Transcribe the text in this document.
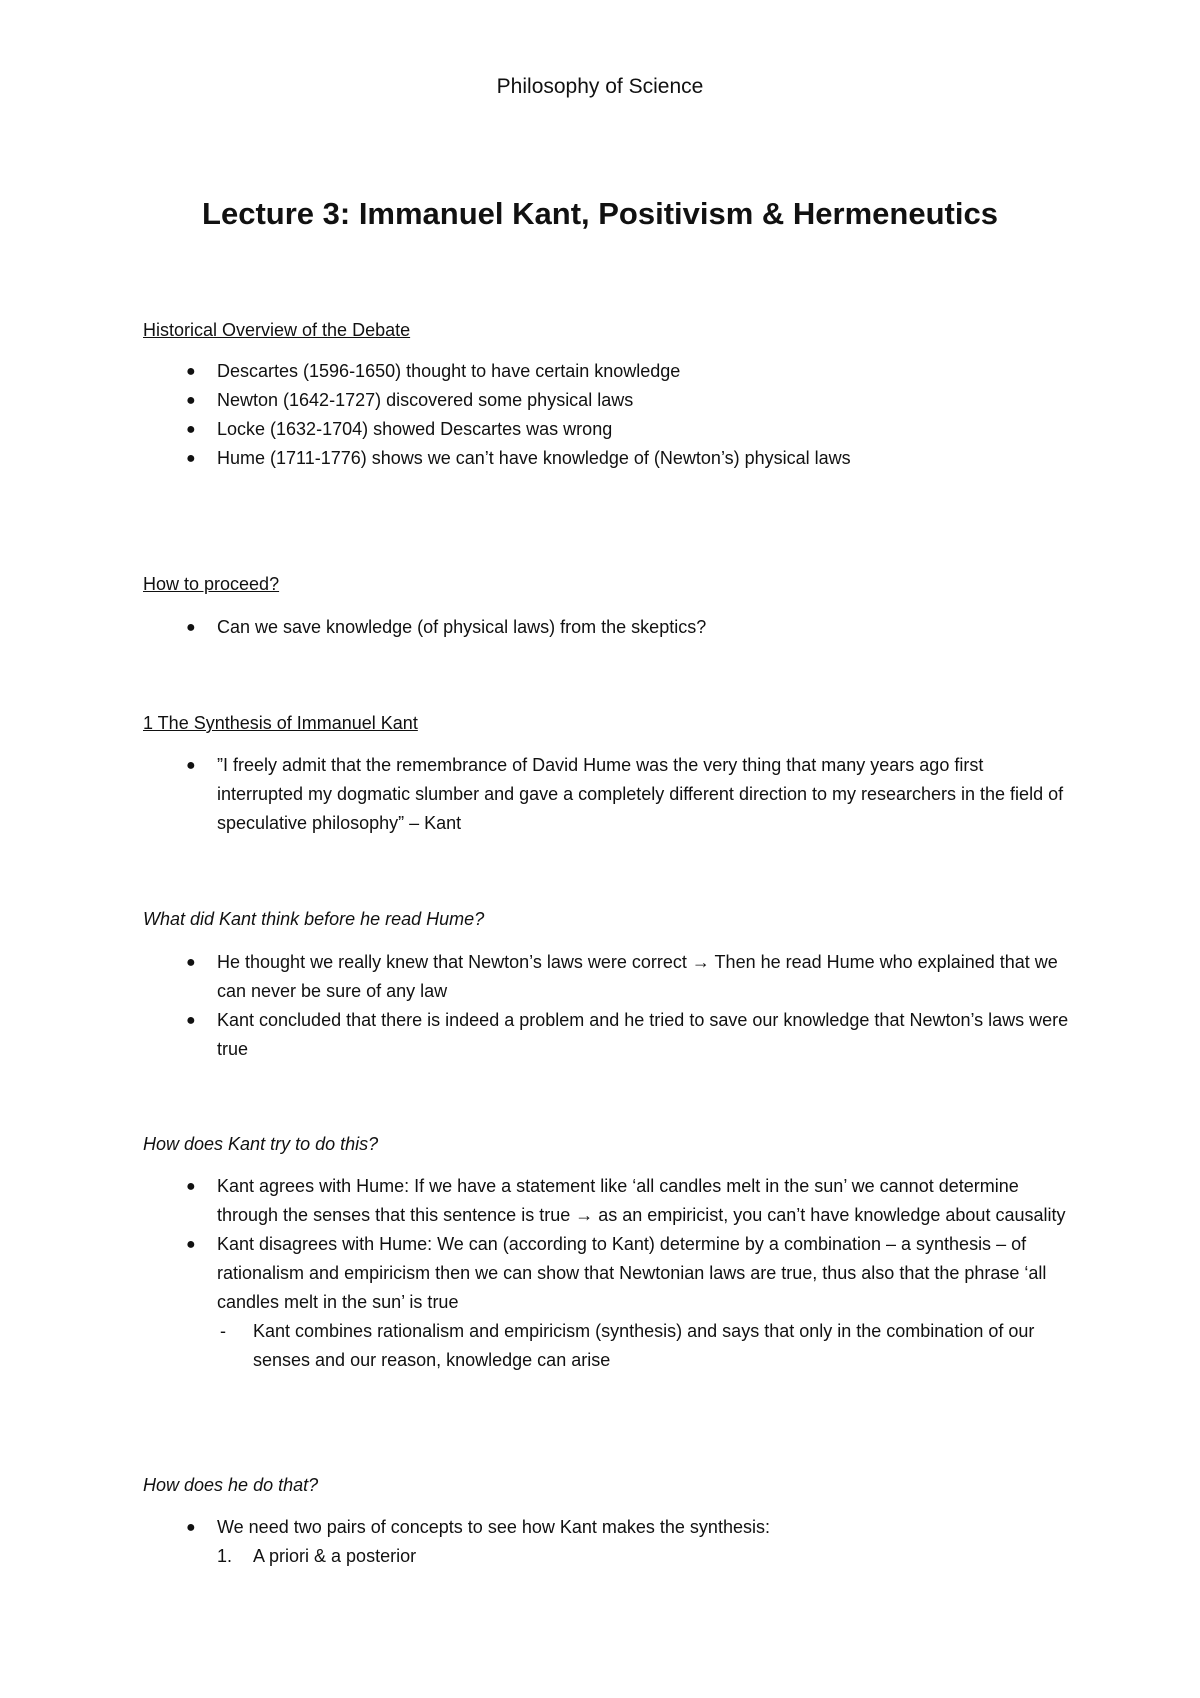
Philosophy of Science
Lecture 3: Immanuel Kant, Positivism & Hermeneutics
Historical Overview of the Debate
● Descartes (1596-1650) thought to have certain knowledge
● Newton (1642-1727) discovered some physical laws
● Locke (1632-1704) showed Descartes was wrong
● Hume (1711-1776) shows we can’t have knowledge of (Newton’s) physical laws
How to proceed?
● Can we save knowledge (of physical laws) from the skeptics?
1 The Synthesis of Immanuel Kant
● ”I freely admit that the remembrance of David Hume was the very thing that many years ago first interrupted my dogmatic slumber and gave a completely different direction to my researchers in the field of speculative philosophy” – Kant
What did Kant think before he read Hume?
● He thought we really knew that Newton’s laws were correct → Then he read Hume who explained that we can never be sure of any law
● Kant concluded that there is indeed a problem and he tried to save our knowledge that Newton’s laws were true
How does Kant try to do this?
● Kant agrees with Hume: If we have a statement like ‘all candles melt in the sun’ we cannot determine through the senses that this sentence is true → as an empiricist, you can’t have knowledge about causality
● Kant disagrees with Hume: We can (according to Kant) determine by a combination – a synthesis – of rationalism and empiricism then we can show that Newtonian laws are true, thus also that the phrase ‘all candles melt in the sun’ is true
- Kant combines rationalism and empiricism (synthesis) and says that only in the combination of our senses and our reason, knowledge can arise
How does he do that?
● We need two pairs of concepts to see how Kant makes the synthesis:
1. A priori & a posterior
